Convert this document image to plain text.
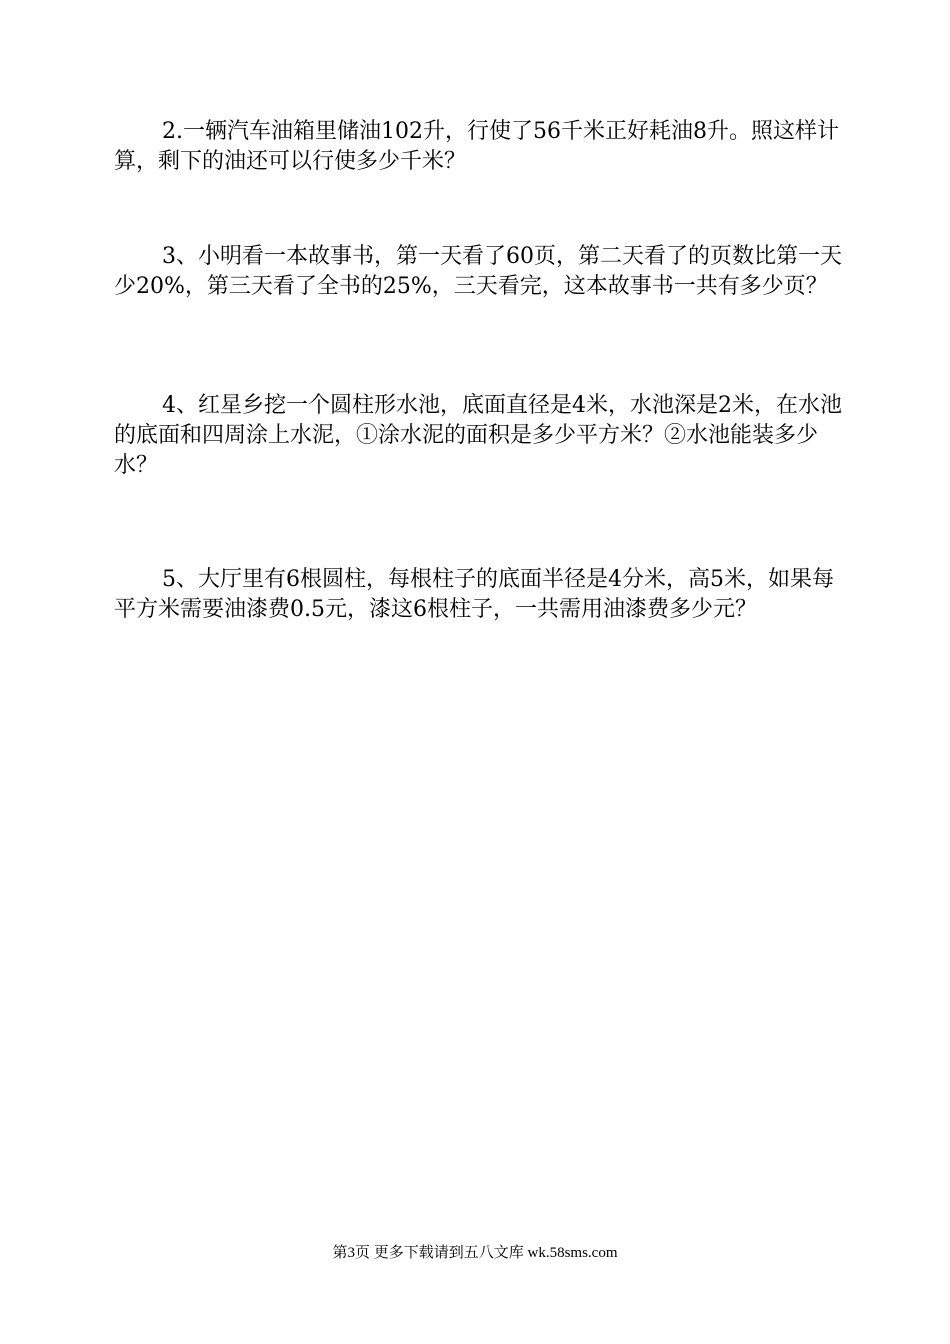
2.一辆汽车油箱里储油102升，行使了56千米正好耗油8升。照这样计算，剩下的油还可以行使多少千米？

3、小明看一本故事书，第一天看了60页，第二天看了的页数比第一天少20%，第三天看了全书的25%，三天看完，这本故事书一共有多少页？

4、红星乡挖一个圆柱形水池，底面直径是4米，水池深是2米，在水池的底面和四周涂上水泥，①涂水泥的面积是多少平方米？②水池能装多少水？

5、大厅里有6根圆柱，每根柱子的底面半径是4分米，高5米，如果每平方米需要油漆费0.5元，漆这6根柱子，一共需用油漆费多少元？

第3页 更多下载请到五八文库 wk.58sms.com
